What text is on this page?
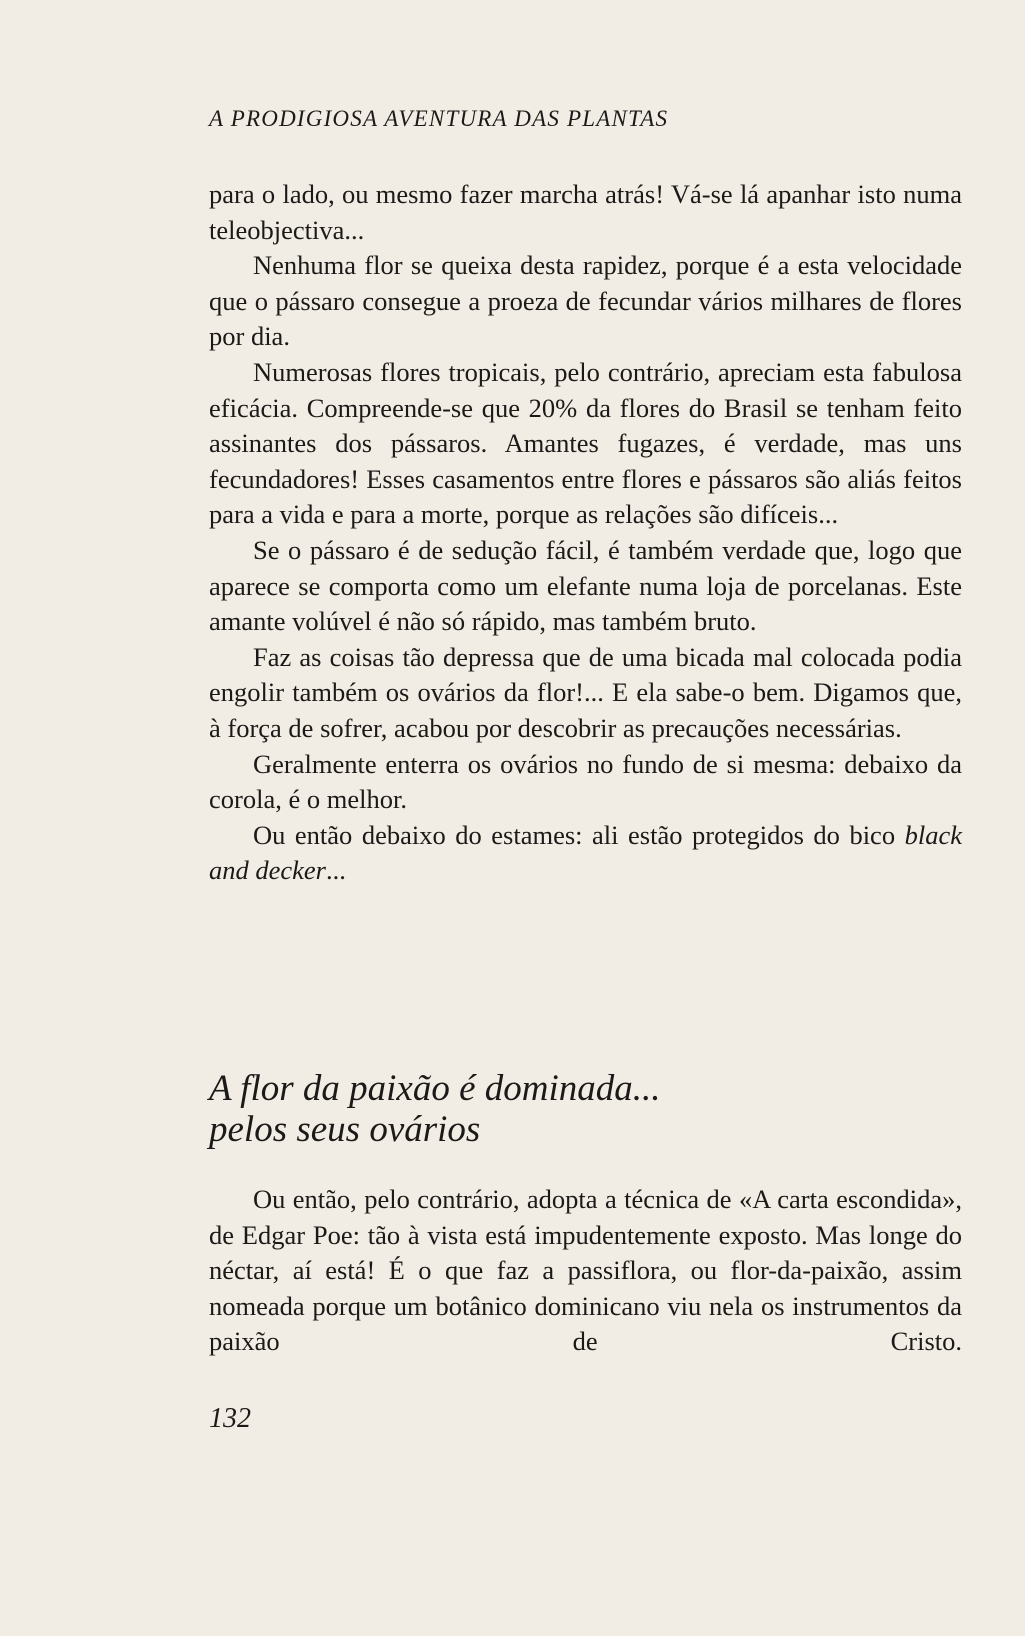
A PRODIGIOSA AVENTURA DAS PLANTAS

para o lado, ou mesmo fazer marcha atrás! Vá-se lá apanhar isto numa teleobjectiva...

Nenhuma flor se queixa desta rapidez, porque é a esta velocidade que o pássaro consegue a proeza de fecundar vários milhares de flores por dia.

Numerosas flores tropicais, pelo contrário, apreciam esta fabulosa eficácia. Compreende-se que 20% da flores do Brasil se tenham feito assinantes dos pássaros. Amantes fugazes, é verdade, mas uns fecundadores! Esses casamentos entre flores e pássaros são aliás feitos para a vida e para a morte, porque as relações são difíceis...

Se o pássaro é de sedução fácil, é também verdade que, logo que aparece se comporta como um elefante numa loja de porcelanas. Este amante volúvel é não só rápido, mas também bruto.

Faz as coisas tão depressa que de uma bicada mal colocada podia engolir também os ovários da flor!... E ela sabe-o bem. Digamos que, à força de sofrer, acabou por descobrir as precauções necessárias.

Geralmente enterra os ovários no fundo de si mesma: debaixo da corola, é o melhor.

Ou então debaixo do estames: ali estão protegidos do bico black and decker...

A flor da paixão é dominada...
pelos seus ovários

Ou então, pelo contrário, adopta a técnica de «A carta escondida», de Edgar Poe: tão à vista está impudentemente exposto. Mas longe do néctar, aí está! É o que faz a passiflora, ou flor-da-paixão, assim nomeada porque um botânico dominicano viu nela os instrumentos da paixão de Cristo.

132
